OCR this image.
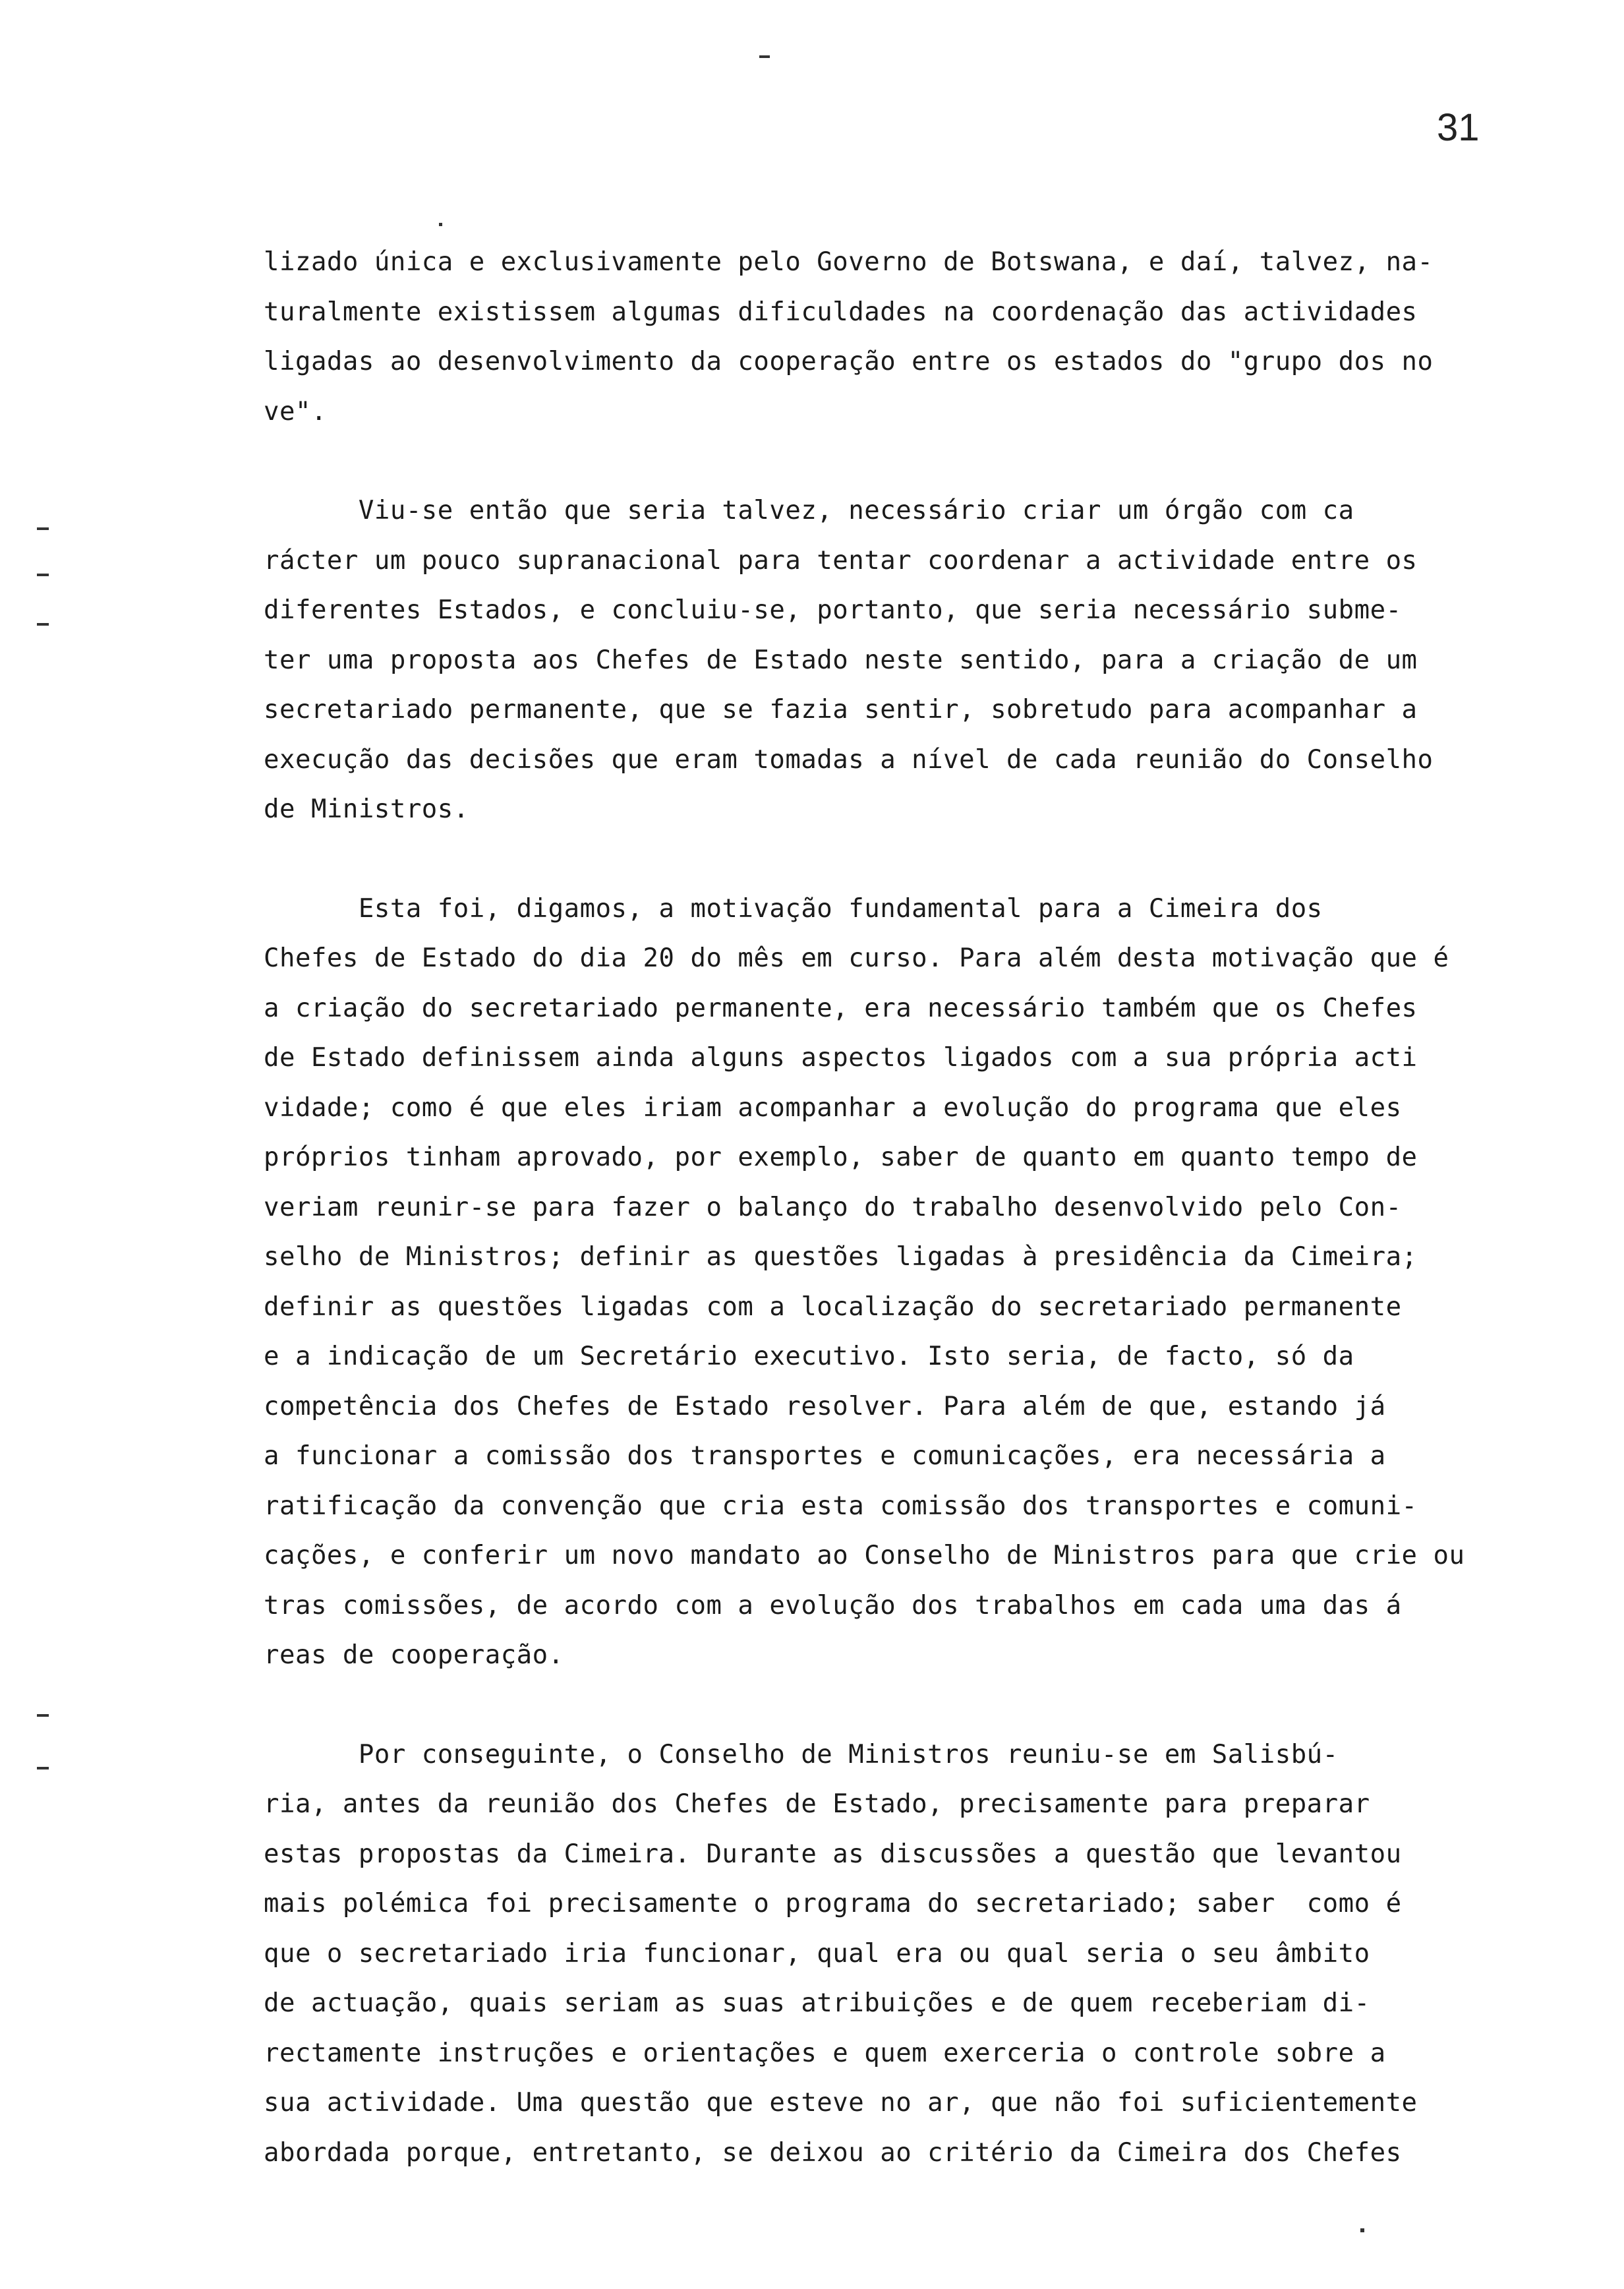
31

lizado única e exclusivamente pelo Governo de Botswana, e daí, talvez, na-
turalmente existissem algumas dificuldades na coordenação das actividades
ligadas ao desenvolvimento da cooperação entre os estados do "grupo dos no
ve".

Viu-se então que seria talvez, necessário criar um órgão com ca
rácter um pouco supranacional para tentar coordenar a actividade entre os
diferentes Estados, e concluiu-se, portanto, que seria necessário subme-
ter uma proposta aos Chefes de Estado neste sentido, para a criação de um
secretariado permanente, que se fazia sentir, sobretudo para acompanhar a
execução das decisões que eram tomadas a nível de cada reunião do Conselho
de Ministros.

Esta foi, digamos, a motivação fundamental para a Cimeira dos
Chefes de Estado do dia 20 do mês em curso. Para além desta motivação que é
a criação do secretariado permanente, era necessário também que os Chefes
de Estado definissem ainda alguns aspectos ligados com a sua própria acti
vidade; como é que eles iriam acompanhar a evolução do programa que eles
próprios tinham aprovado, por exemplo, saber de quanto em quanto tempo de
veriam reunir-se para fazer o balanço do trabalho desenvolvido pelo Con-
selho de Ministros; definir as questões ligadas à presidência da Cimeira;
definir as questões ligadas com a localização do secretariado permanente
e a indicação de um Secretário executivo. Isto seria, de facto, só da
competência dos Chefes de Estado resolver. Para além de que, estando já
a funcionar a comissão dos transportes e comunicações, era necessária a
ratificação da convenção que cria esta comissão dos transportes e comuni-
cações, e conferir um novo mandato ao Conselho de Ministros para que crie ou
tras comissões, de acordo com a evolução dos trabalhos em cada uma das á
reas de cooperação.

Por conseguinte, o Conselho de Ministros reuniu-se em Salisbú-
ria, antes da reunião dos Chefes de Estado, precisamente para preparar
estas propostas da Cimeira. Durante as discussões a questão que levantou
mais polémica foi precisamente o programa do secretariado; saber  como é
que o secretariado iria funcionar, qual era ou qual seria o seu âmbito
de actuação, quais seriam as suas atribuições e de quem receberiam di-
rectamente instruções e orientações e quem exerceria o controle sobre a
sua actividade. Uma questão que esteve no ar, que não foi suficientemente
abordada porque, entretanto, se deixou ao critério da Cimeira dos Chefes
